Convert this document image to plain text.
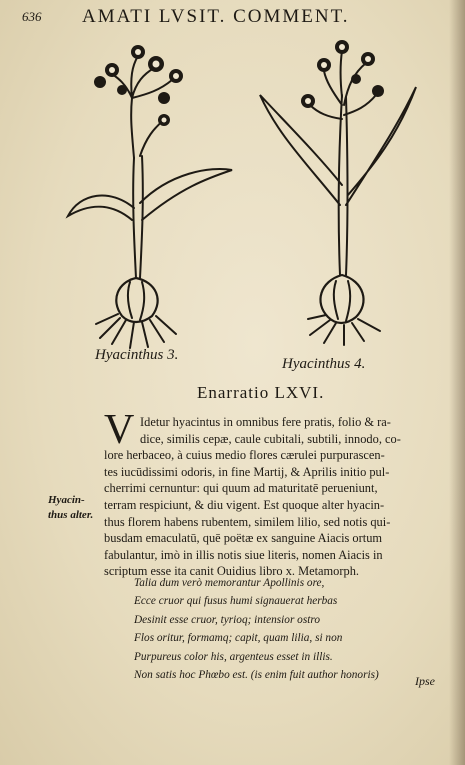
636 AMATI LVSIT. COMMENT.
Hyacinthus 3.
Hyacinthus 4.
Enarratio LXVI.
Hyacin-
thus alter.
V Idetur hyacintus in omnibus fere pratis, folio & ra-
dice, similis cepæ, caule cubitali, subtili, innodo, co-
lore herbaceo, à cuius medio flores cærulei purpurascen-
tes iucūdissimi odoris, in fine Martij, & Aprilis initio pul-
cherrimi cernuntur: qui quum ad maturitatē perueniunt,
terram respiciunt, & diu vigent. Est quoque alter hyacin-
thus florem habens rubentem, similem lilio, sed notis qui-
busdam emaculatū, quē poëtæ ex sanguine Aiacis ortum
fabulantur, imò in illis notis siue literis, nomen Aiacis in
scriptum esse ita canit Ouidius libro x. Metamorph.
Talia dum verò memorantur Apollinis ore,
Ecce cruor qui fusus humi signauerat herbas
Desinit esse cruor, tyrioq; intensior ostro
Flos oritur, formamq; capit, quam lilia, si non
Purpureus color his, argenteus esset in illis.
Non satis hoc Phœbo est. (is enim fuit author honoris)	Ipse
